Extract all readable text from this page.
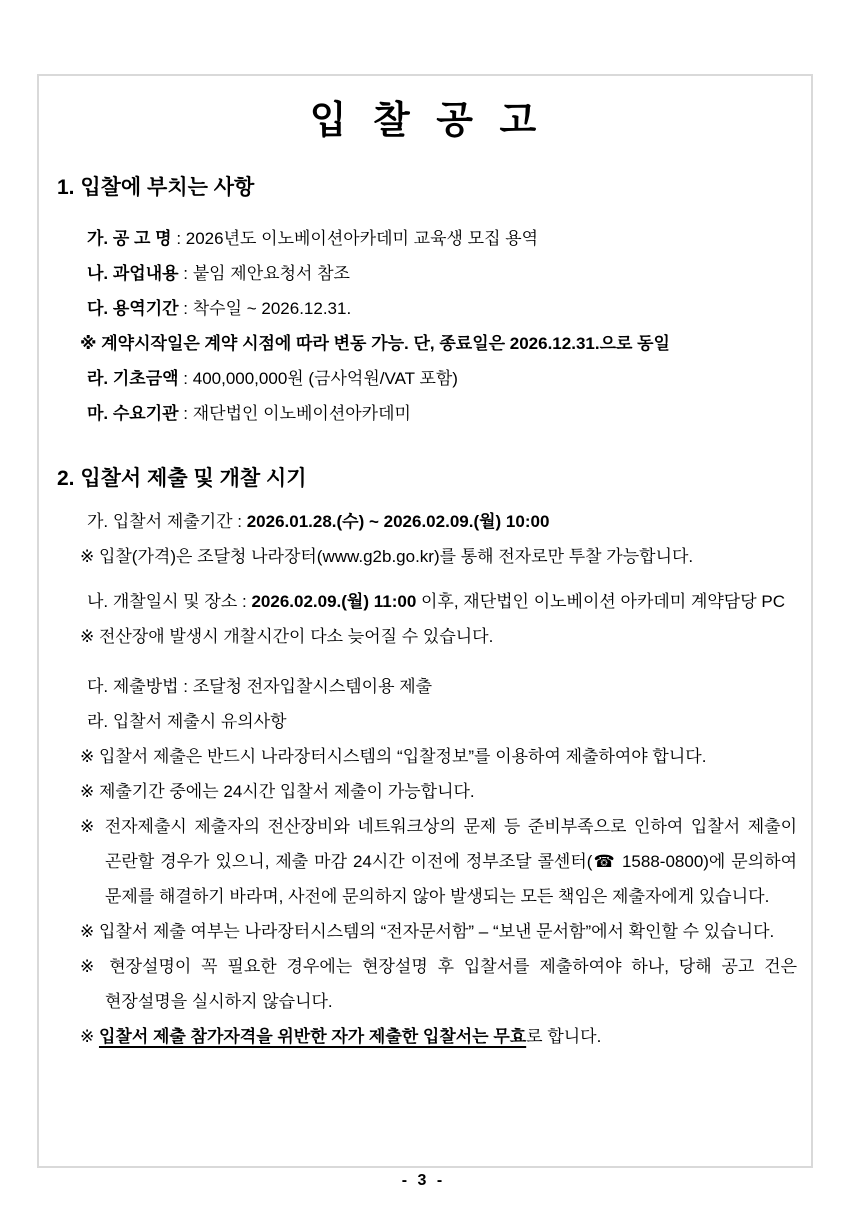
입 찰 공 고
1. 입찰에 부치는 사항

가. 공 고 명 : 2026년도 이노베이션아카데미 교육생 모집 용역

나. 과업내용 : 붙임 제안요청서 참조

다. 용역기간 : 착수일 ~ 2026.12.31.

※ 계약시작일은 계약 시점에 따라 변동 가능. 단, 종료일은 2026.12.31.으로 동일

라. 기초금액 : 400,000,000원 (금사억원/VAT 포함)

마. 수요기관 : 재단법인 이노베이션아카데미

2. 입찰서 제출 및 개찰 시기

가. 입찰서 제출기간 : 2026.01.28.(수) ~ 2026.02.09.(월) 10:00

※ 입찰(가격)은 조달청 나라장터(www.g2b.go.kr)를 통해 전자로만 투찰 가능합니다.

나. 개찰일시 및 장소 : 2026.02.09.(월) 11:00 이후, 재단법인 이노베이션 아카데미 계약담당 PC

※ 전산장애 발생시 개찰시간이 다소 늦어질 수 있습니다.

다. 제출방법 : 조달청 전자입찰시스템이용 제출

라. 입찰서 제출시 유의사항

※ 입찰서 제출은 반드시 나라장터시스템의 “입찰정보”를 이용하여 제출하여야 합니다.

※ 제출기간 중에는 24시간 입찰서 제출이 가능합니다.

※ 전자제출시 제출자의 전산장비와 네트워크상의 문제 등 준비부족으로 인하여 입찰서 제출이 곤란할 경우가 있으니, 제출 마감 24시간 이전에 정부조달 콜센터(☎ 1588-0800)에 문의하여 문제를 해결하기 바라며, 사전에 문의하지 않아 발생되는 모든 책임은 제출자에게 있습니다.

※ 입찰서 제출 여부는 나라장터시스템의 “전자문서함” – “보낸 문서함”에서 확인할 수 있습니다.

※ 현장설명이 꼭 필요한 경우에는 현장설명 후 입찰서를 제출하여야 하나, 당해 공고 건은 현장설명을 실시하지 않습니다.

※ 입찰서 제출 참가자격을 위반한 자가 제출한 입찰서는 무효로 합니다.

- 3 -
